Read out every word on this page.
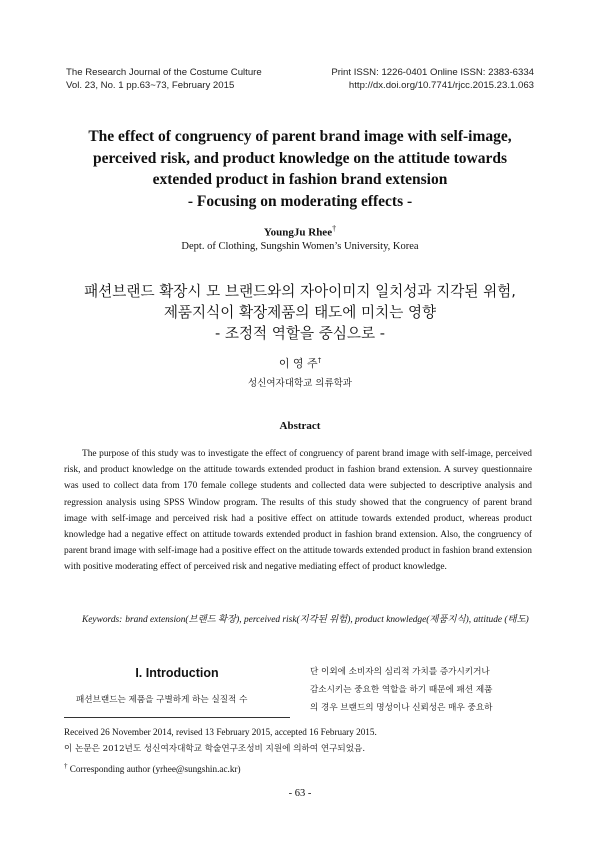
The Research Journal of the Costume Culture
Vol. 23, No. 1 pp.63~73, February 2015
Print ISSN: 1226-0401 Online ISSN: 2383-6334
http://dx.doi.org/10.7741/rjcc.2015.23.1.063
The effect of congruency of parent brand image with self-image,
perceived risk, and product knowledge on the attitude towards
extended product in fashion brand extension
- Focusing on moderating effects -
YoungJu Rhee†
Dept. of Clothing, Sungshin Women’s University, Korea
패션브랜드 확장시 모 브랜드와의 자아이미지 일치성과 지각된 위험,
제품지식이 확장제품의 태도에 미치는 영향
- 조정적 역할을 중심으로 -
이 영 주†
성신여자대학교 의류학과
Abstract

The purpose of this study was to investigate the effect of congruency of parent brand image with self-image, perceived risk, and product knowledge on the attitude towards extended product in fashion brand extension. A survey questionnaire was used to collect data from 170 female college students and collected data were subjected to descriptive analysis and regression analysis using SPSS Window program. The results of this study showed that the congruency of parent brand image with self-image and perceived risk had a positive effect on attitude towards extended product, whereas product knowledge had a negative effect on attitude towards extended product in fashion brand extension. Also, the congruency of parent brand image with self-image had a positive effect on the attitude towards extended product in fashion brand extension with positive moderating effect of perceived risk and negative mediating effect of product knowledge.

Keywords: brand extension(브랜드 확장), perceived risk(지각된 위험), product knowledge(제품지식), attitude (태도)

I. Introduction

패션브랜드는 제품을 구별하게 하는 실질적 수

단 이외에 소비자의 심리적 가치를 증가시키거나
감소시키는 중요한 역할을 하기 때문에 패션 제품
의 경우 브랜드의 명성이나 신뢰성은 매우 중요하
Received 26 November 2014, revised 13 February 2015, accepted 16 February 2015.
이 논문은 2012년도 성신여자대학교 학술연구조성비 지원에 의하여 연구되었음.
† Corresponding author (yrhee@sungshin.ac.kr)
- 63 -
